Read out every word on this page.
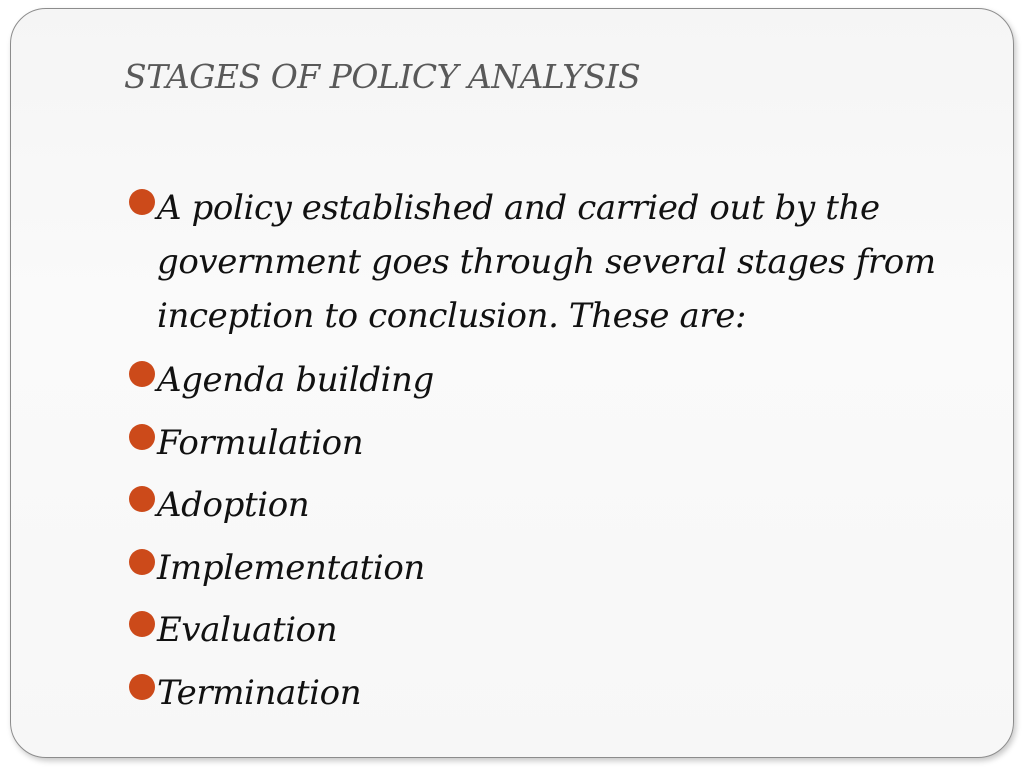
STAGES OF POLICY ANALYSIS
A policy established and carried out by the government goes through several stages from inception to conclusion. These are:
Agenda building
Formulation
Adoption
Implementation
Evaluation
Termination
